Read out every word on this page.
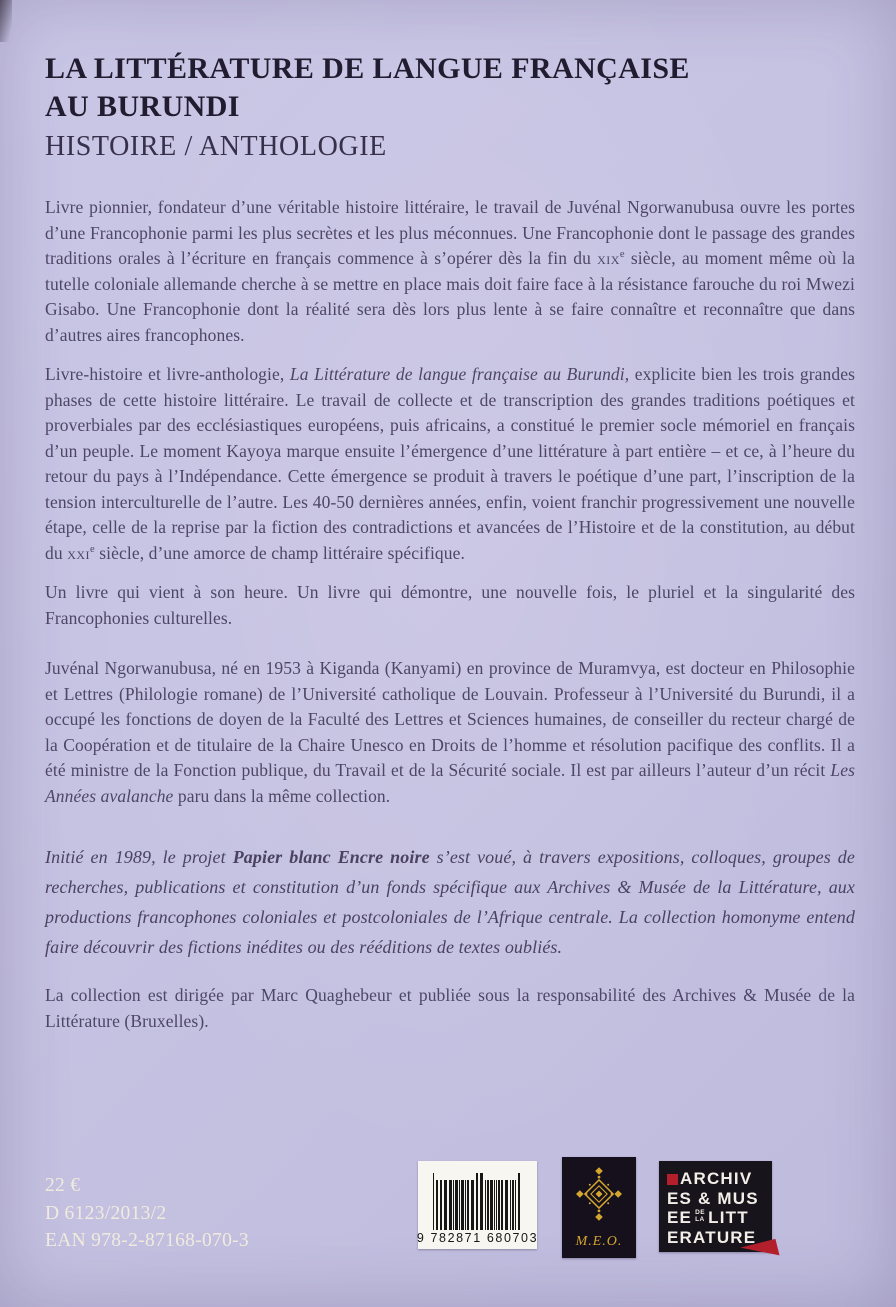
LA LITTÉRATURE DE LANGUE FRANÇAISE
AU BURUNDI
HISTOIRE / ANTHOLOGIE

Livre pionnier, fondateur d’une véritable histoire littéraire, le travail de Juvénal Ngorwanubusa ouvre les portes d’une Francophonie parmi les plus secrètes et les plus méconnues. Une Francophonie dont le passage des grandes traditions orales à l’écriture en français commence à s’opérer dès la fin du xix$^e$ siècle, au moment même où la tutelle coloniale allemande cherche à se mettre en place mais doit faire face à la résistance farouche du roi Mwezi Gisabo. Une Francophonie dont la réalité sera dès lors plus lente à se faire connaître et reconnaître que dans d’autres aires francophones.

Livre-histoire et livre-anthologie, La Littérature de langue française au Burundi, explicite bien les trois grandes phases de cette histoire littéraire. Le travail de collecte et de transcription des grandes traditions poétiques et proverbiales par des ecclésiastiques européens, puis africains, a constitué le premier socle mémoriel en français d’un peuple. Le moment Kayoya marque ensuite l’émergence d’une littérature à part entière – et ce, à l’heure du retour du pays à l’Indépendance. Cette émergence se produit à travers le poétique d’une part, l’inscription de la tension interculturelle de l’autre. Les 40-50 dernières années, enfin, voient franchir progressivement une nouvelle étape, celle de la reprise par la fiction des contradictions et avancées de l’Histoire et de la constitution, au début du xxi$^e$ siècle, d’une amorce de champ littéraire spécifique.

Un livre qui vient à son heure. Un livre qui démontre, une nouvelle fois, le pluriel et la singularité des Francophonies culturelles.

Juvénal Ngorwanubusa, né en 1953 à Kiganda (Kanyami) en province de Muramvya, est docteur en Philosophie et Lettres (Philologie romane) de l’Université catholique de Louvain. Professeur à l’Université du Burundi, il a occupé les fonctions de doyen de la Faculté des Lettres et Sciences humaines, de conseiller du recteur chargé de la Coopération et de titulaire de la Chaire Unesco en Droits de l’homme et résolution pacifique des conflits. Il a été ministre de la Fonction publique, du Travail et de la Sécurité sociale. Il est par ailleurs l’auteur d’un récit Les Années avalanche paru dans la même collection.

Initié en 1989, le projet Papier blanc Encre noire s’est voué, à travers expositions, colloques, groupes de recherches, publications et constitution d’un fonds spécifique aux Archives & Musée de la Littérature, aux productions francophones coloniales et postcoloniales de l’Afrique centrale. La collection homonyme entend faire découvrir des fictions inédites ou des rééditions de textes oubliés.

La collection est dirigée par Marc Quaghebeur et publiée sous la responsabilité des Archives & Musée de la Littérature (Bruxelles).

22 €
D 6123/2013/2
EAN 978-2-87168-070-3	9 782871 680703	M.E.O.
ARCHIV
ES & MUS
EE DE
LA LITT
ERATURE
